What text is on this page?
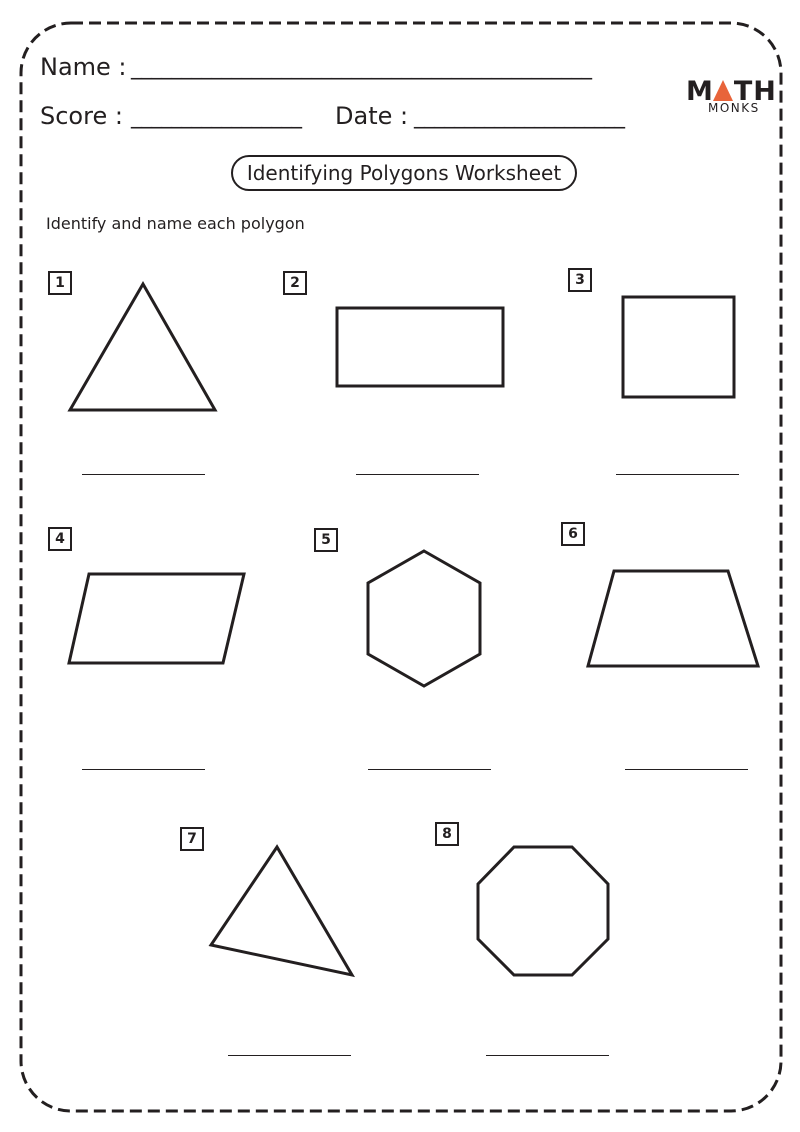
Name : ______________________________________________
Score : _________________ Date : _____________________
M TH
MONKS
Identifying Polygons Worksheet
Identify and name each polygon
1	2	3
4	5	6
7	8
